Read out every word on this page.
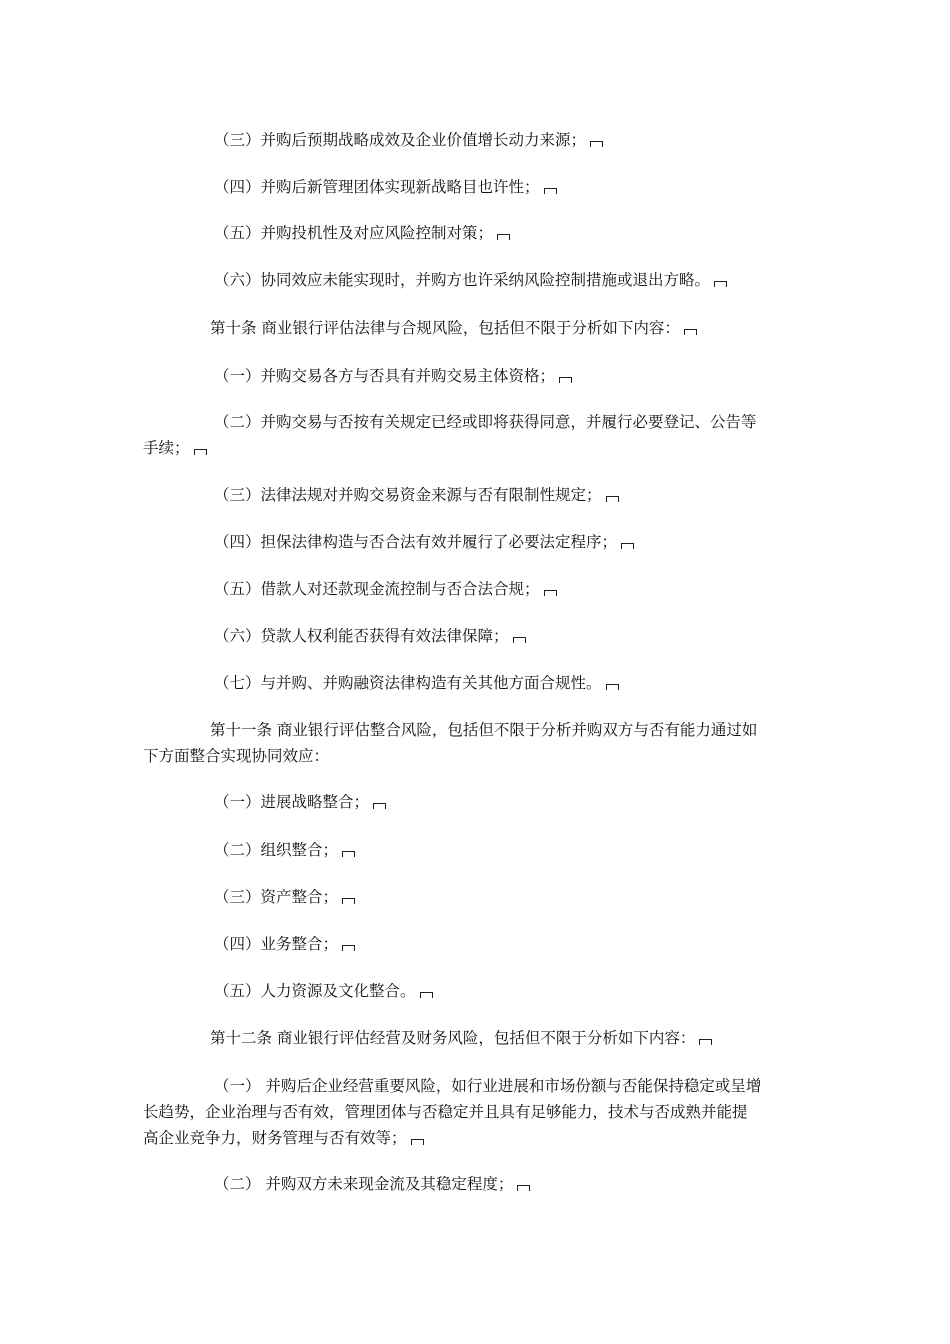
（三）并购后预期战略成效及企业价值增长动力来源；
（四）并购后新管理团体实现新战略目也许性；
（五）并购投机性及对应风险控制对策；
（六）协同效应未能实现时，并购方也许采纳风险控制措施或退出方略。
第十条 商业银行评估法律与合规风险，包括但不限于分析如下内容：
（一）并购交易各方与否具有并购交易主体资格；
（二）并购交易与否按有关规定已经或即将获得同意，并履行必要登记、公告等
手续；
（三）法律法规对并购交易资金来源与否有限制性规定；
（四）担保法律构造与否合法有效并履行了必要法定程序；
（五）借款人对还款现金流控制与否合法合规；
（六）贷款人权利能否获得有效法律保障；
（七）与并购、并购融资法律构造有关其他方面合规性。
第十一条 商业银行评估整合风险，包括但不限于分析并购双方与否有能力通过如
下方面整合实现协同效应：
（一）进展战略整合；
（二）组织整合；
（三）资产整合；
（四）业务整合；
（五）人力资源及文化整合。
第十二条 商业银行评估经营及财务风险，包括但不限于分析如下内容：
（一） 并购后企业经营重要风险，如行业进展和市场份额与否能保持稳定或呈增
长趋势，企业治理与否有效，管理团体与否稳定并且具有足够能力，技术与否成熟并能提
高企业竞争力，财务管理与否有效等；
（二） 并购双方未来现金流及其稳定程度；
